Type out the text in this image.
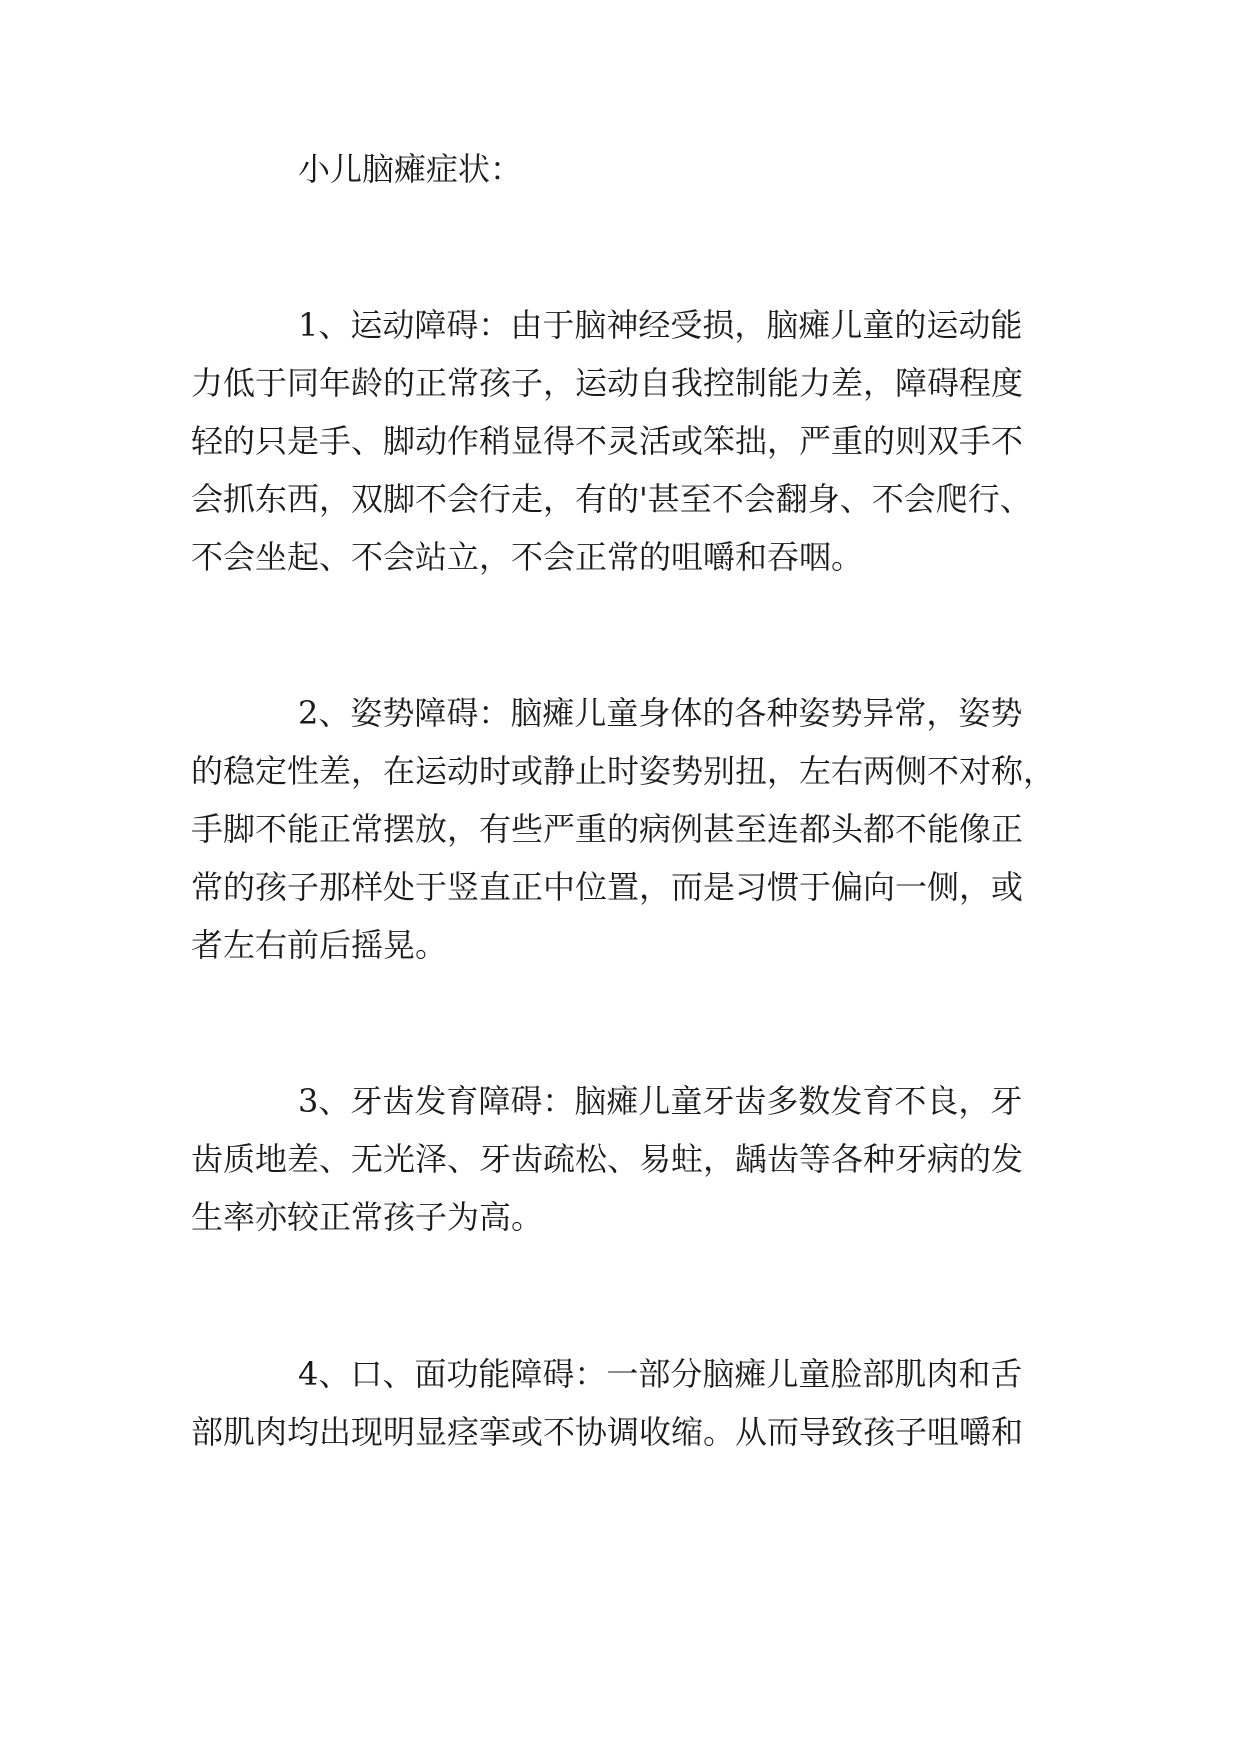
小儿脑瘫症状：

1、运动障碍：由于脑神经受损，脑瘫儿童的运动能

力低于同年龄的正常孩子，运动自我控制能力差，障碍程度

轻的只是手、脚动作稍显得不灵活或笨拙，严重的则双手不

会抓东西，双脚不会行走，有的'甚至不会翻身、不会爬行、

不会坐起、不会站立，不会正常的咀嚼和吞咽。

2、姿势障碍：脑瘫儿童身体的各种姿势异常，姿势

的稳定性差，在运动时或静止时姿势别扭，左右两侧不对称，

手脚不能正常摆放，有些严重的病例甚至连都头都不能像正

常的孩子那样处于竖直正中位置，而是习惯于偏向一侧，或

者左右前后摇晃。

3、牙齿发育障碍：脑瘫儿童牙齿多数发育不良，牙

齿质地差、无光泽、牙齿疏松、易蛀，龋齿等各种牙病的发

生率亦较正常孩子为高。

4、口、面功能障碍：一部分脑瘫儿童脸部肌肉和舌

部肌肉均出现明显痉挛或不协调收缩。从而导致孩子咀嚼和
